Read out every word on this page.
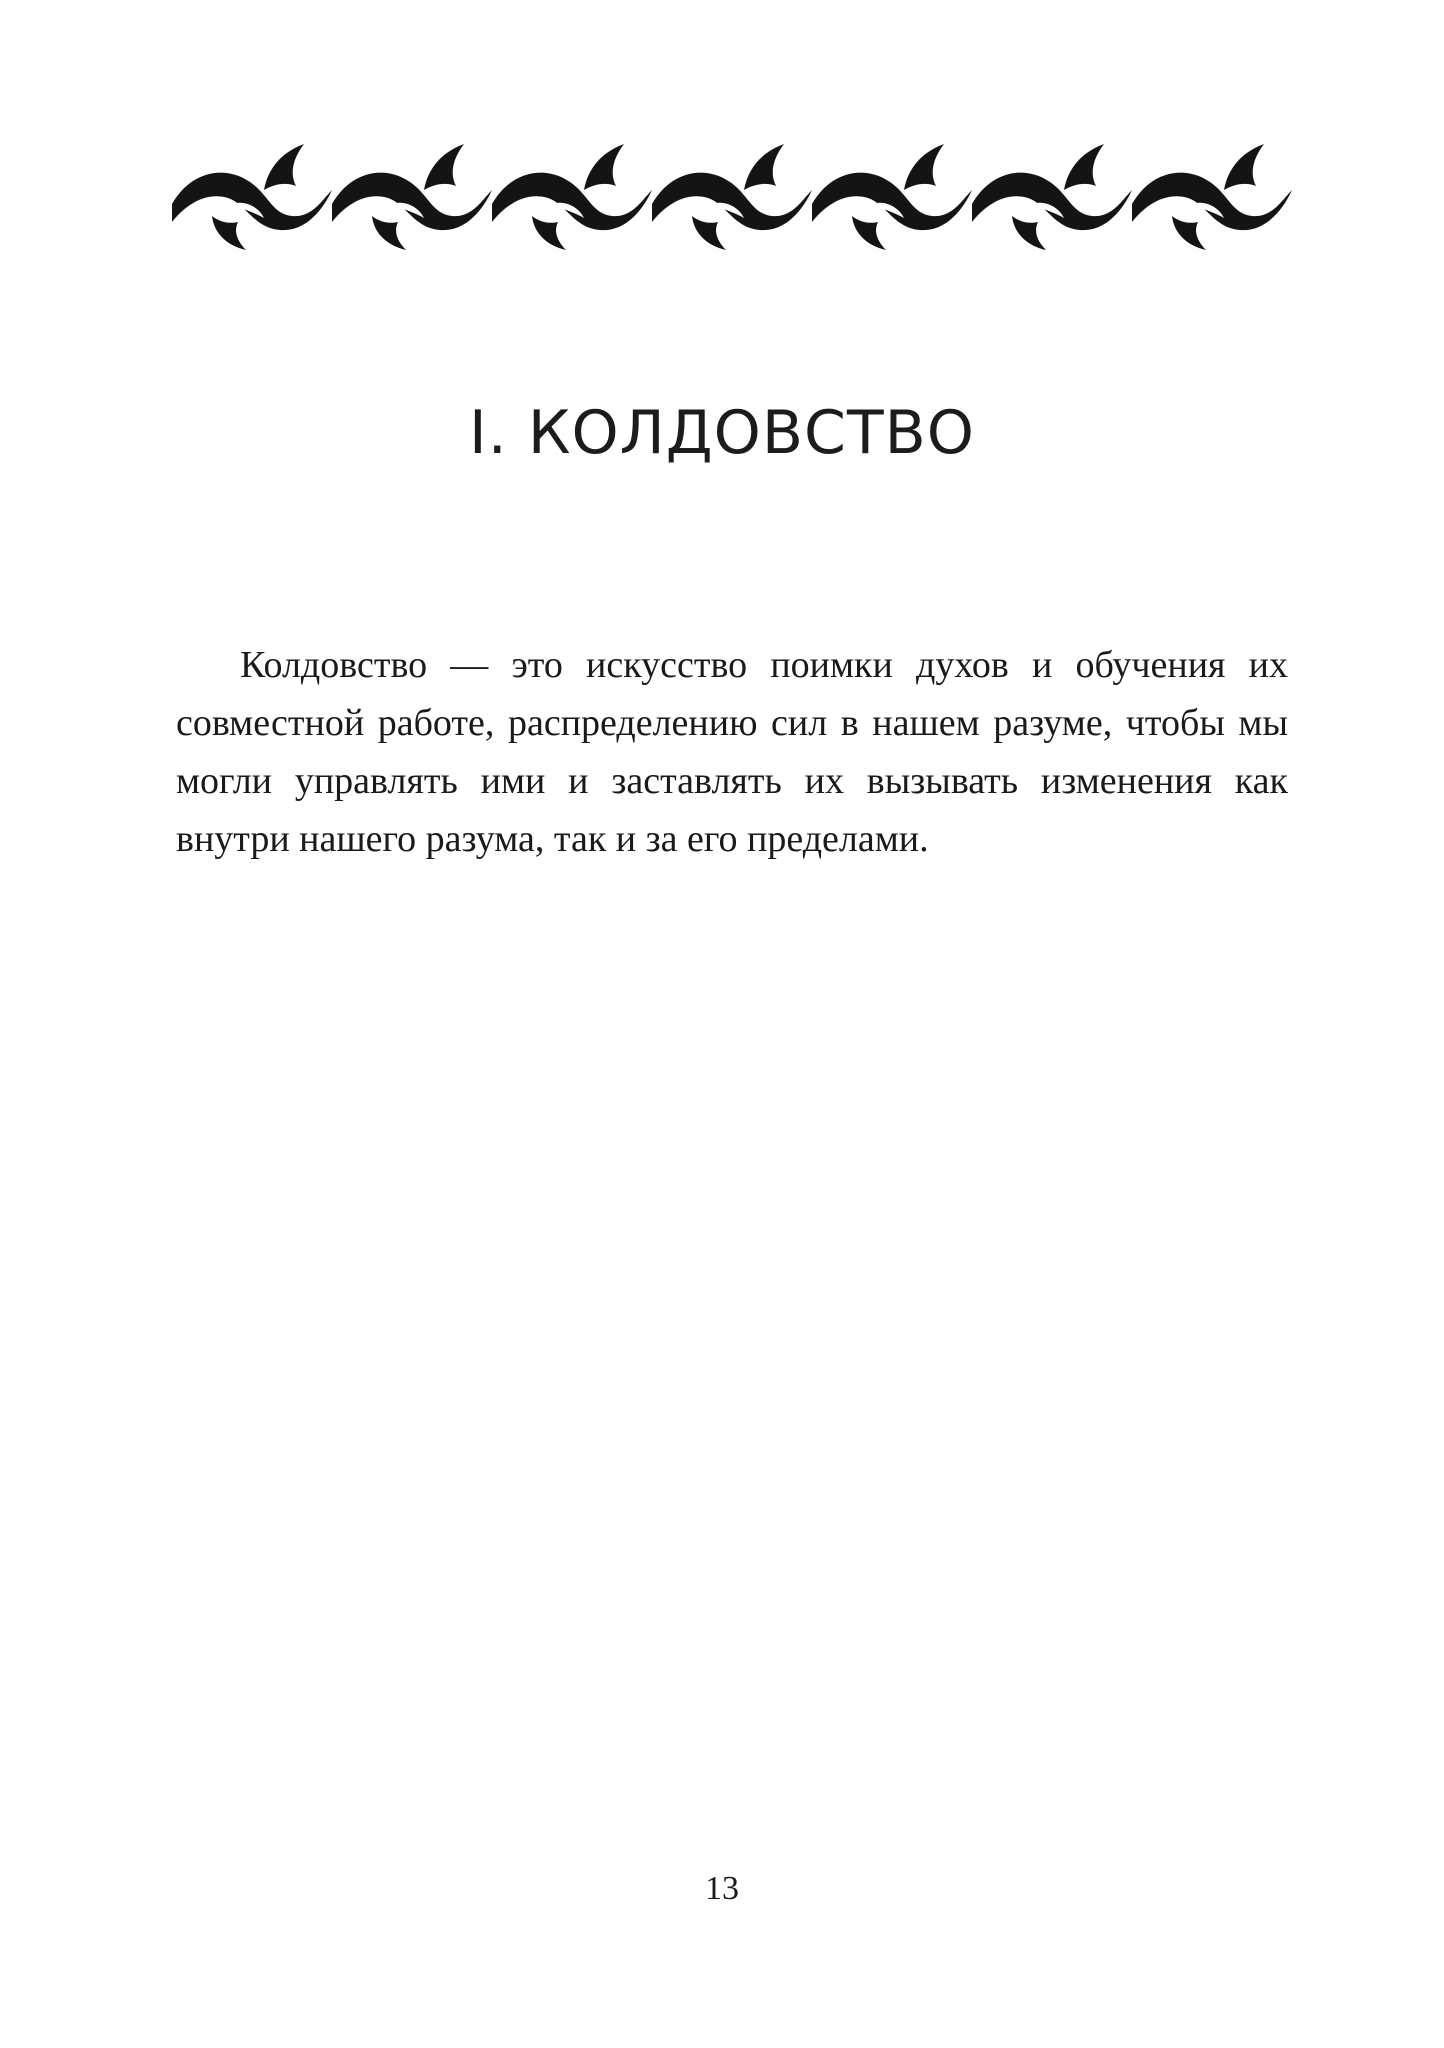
I. КОЛДОВСТВО

Колдовство — это искусство поимки духов и обучения их совместной работе, распределению сил в нашем разуме, чтобы мы могли управлять ими и заставлять их вызывать изменения как внутри нашего разума, так и за его пределами.

13
